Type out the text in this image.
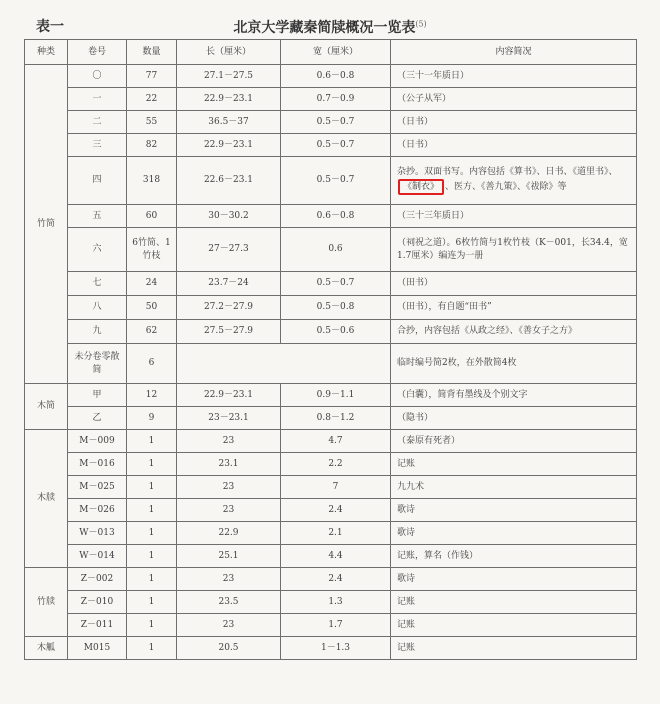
表一	北京大学藏秦简牍概况一览表$^{(5)}$
种类	卷号	数量	长（厘米）	宽（厘米）	内容简况
竹简	〇	77	27.1－27.5	0.6－0.8	（三十一年质日）
	一	22	22.9－23.1	0.7－0.9	（公子从军）
	二	55	36.5－37	0.5－0.7	（日书）
	三	82	22.9－23.1	0.5－0.7	（日书）
	四	318	22.6－23.1	0.5－0.7	杂抄。双面书写。内容包括《算书》、日书、《道里书》、《制衣》 、医方、《善九策》、《祓除》等
	五	60	30－30.2	0.6－0.8	（三十三年质日）
	六	6竹简、1竹枝	27－27.3	0.6	（祠祝之道）。6枚竹简与1枚竹枝（K－001，长34.4，宽1.7厘米）编连为一册
	七	24	23.7－24	0.5－0.7	（田书）
	八	50	27.2－27.9	0.5－0.8	（田书），有自题“田书”
	九	62	27.5－27.9	0.5－0.6	合抄，内容包括《从政之经》、《善女子之方》
	未分卷零散简	6			临时编号简2枚，在外散简4枚
木简	甲	12	22.9－23.1	0.9－1.1	（白囊），简背有墨线及个别文字
	乙	9	23－23.1	0.8－1.2	（隐书）
木牍	M－009	1	23	4.7	（泰原有死者）
	M－016	1	23.1	2.2	记账
	M－025	1	23	7	九九术
	M－026	1	23	2.4	歌诗
	W－013	1	22.9	2.1	歌诗
	W－014	1	25.1	4.4	记账，算名（作钱）
竹牍	Z－002	1	23	2.4	歌诗
	Z－010	1	23.5	1.3	记账
	Z－011	1	23	1.7	记账
木觚	M015	1	20.5	1－1.3	记账
